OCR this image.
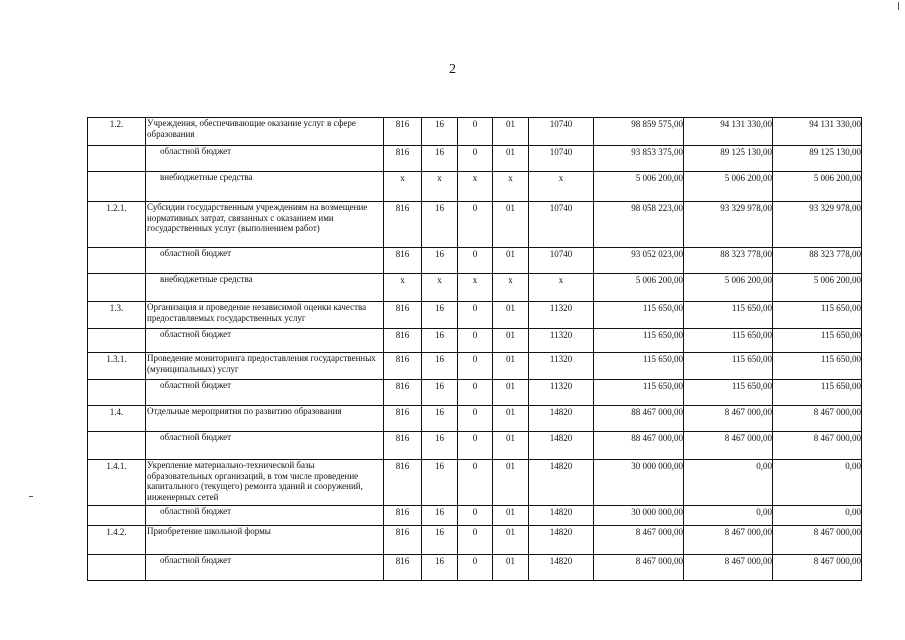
2
1.2.	Учреждения, обеспечивающие оказание услуг в сфере образования	816	16	0	01	10740	98 859 575,00	94 131 330,00	94 131 330,00
	областной бюджет	816	16	0	01	10740	93 853 375,00	89 125 130,00	89 125 130,00
	внебюджетные средства	х	х	х	х	х	5 006 200,00	5 006 200,00	5 006 200,00
1.2.1.	Субсидии государственным учреждениям на возмещение нормативных затрат, связанных с оказанием ими государственных услуг (выполнением работ)	816	16	0	01	10740	98 058 223,00	93 329 978,00	93 329 978,00
	областной бюджет	816	16	0	01	10740	93 052 023,00	88 323 778,00	88 323 778,00
	внебюджетные средства	х	х	х	х	х	5 006 200,00	5 006 200,00	5 006 200,00
1.3.	Организация и проведение независимой оценки качества предоставляемых государственных услуг	816	16	0	01	11320	115 650,00	115 650,00	115 650,00
	областной бюджет	816	16	0	01	11320	115 650,00	115 650,00	115 650,00
1.3.1.	Проведение мониторинга предоставления государственных (муниципальных) услуг	816	16	0	01	11320	115 650,00	115 650,00	115 650,00
	областной бюджет	816	16	0	01	11320	115 650,00	115 650,00	115 650,00
1.4.	Отдельные мероприятия по развитию образования	816	16	0	01	14820	88 467 000,00	8 467 000,00	8 467 000,00
	областной бюджет	816	16	0	01	14820	88 467 000,00	8 467 000,00	8 467 000,00
1.4.1.	Укрепление материально-технической базы образовательных организаций, в том числе проведение капитального (текущего) ремонта зданий и сооружений, инженерных сетей	816	16	0	01	14820	30 000 000,00	0,00	0,00
	областной бюджет	816	16	0	01	14820	30 000 000,00	0,00	0,00
1.4.2.	Приобретение школьной формы	816	16	0	01	14820	8 467 000,00	8 467 000,00	8 467 000,00
	областной бюджет	816	16	0	01	14820	8 467 000,00	8 467 000,00	8 467 000,00
